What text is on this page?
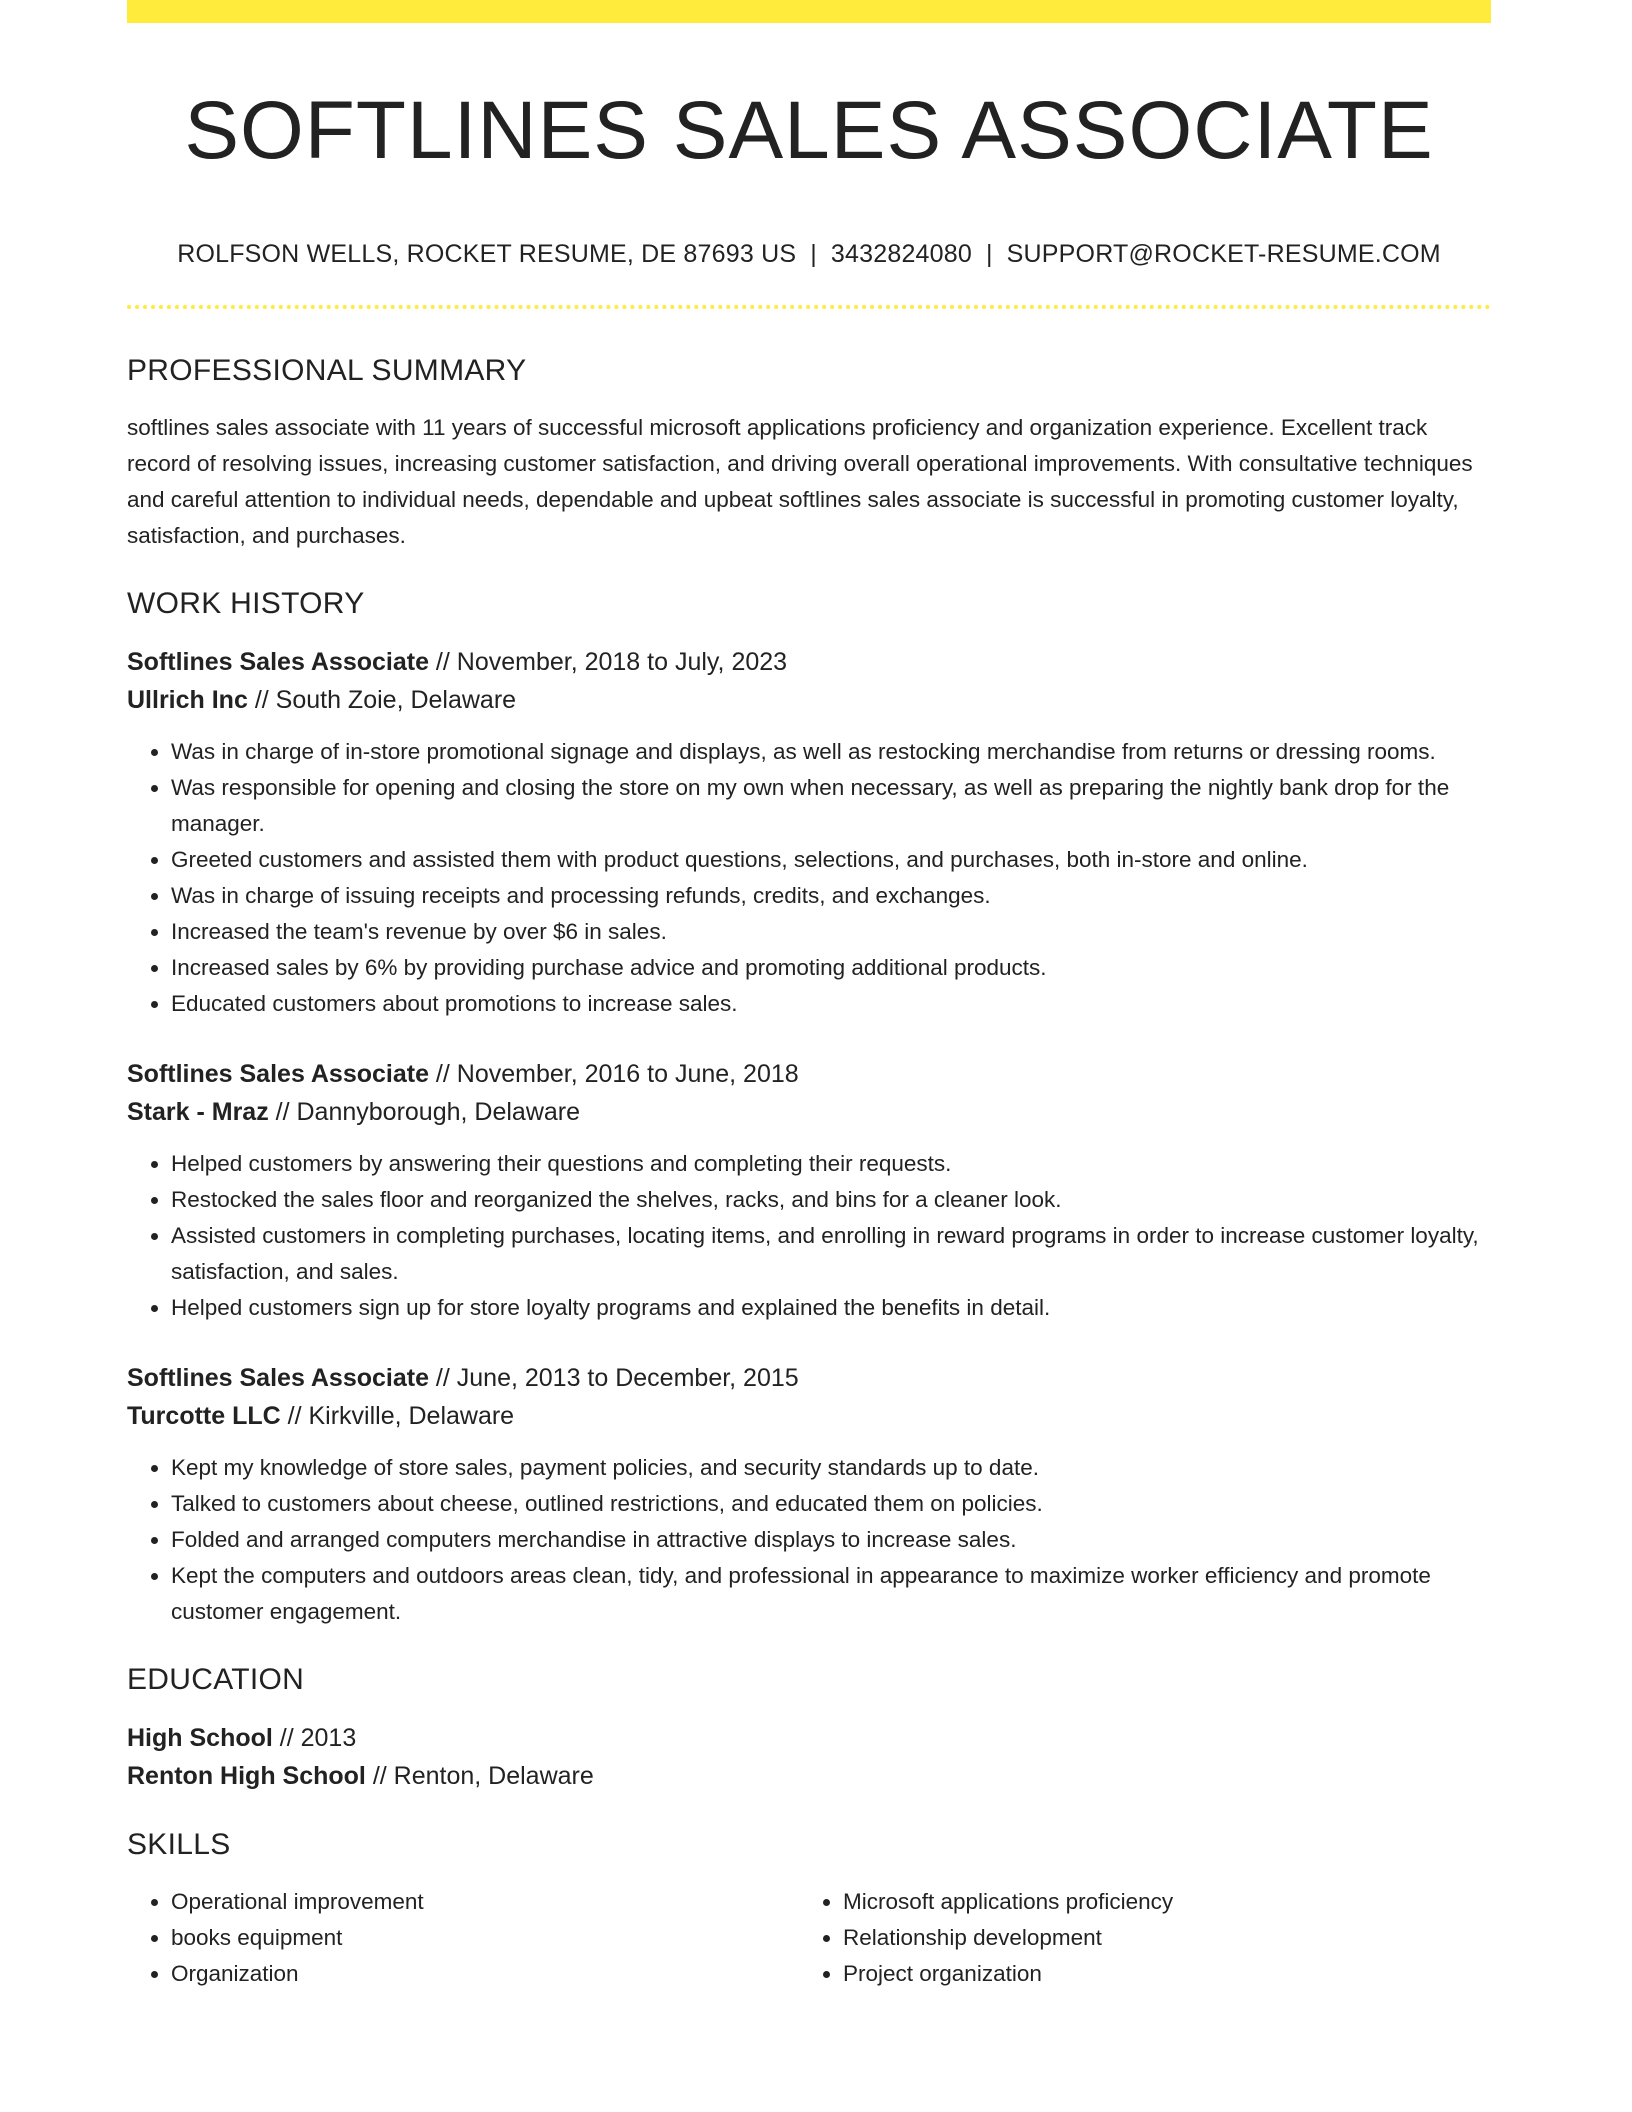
SOFTLINES SALES ASSOCIATE
ROLFSON WELLS, ROCKET RESUME, DE 87693 US | 3432824080 | SUPPORT@ROCKET-RESUME.COM
PROFESSIONAL SUMMARY
softlines sales associate with 11 years of successful microsoft applications proficiency and organization experience. Excellent track record of resolving issues, increasing customer satisfaction, and driving overall operational improvements. With consultative techniques and careful attention to individual needs, dependable and upbeat softlines sales associate is successful in promoting customer loyalty, satisfaction, and purchases.
WORK HISTORY
Softlines Sales Associate // November, 2018 to July, 2023
Ullrich Inc // South Zoie, Delaware
• Was in charge of in-store promotional signage and displays, as well as restocking merchandise from returns or dressing rooms.
• Was responsible for opening and closing the store on my own when necessary, as well as preparing the nightly bank drop for the manager.
• Greeted customers and assisted them with product questions, selections, and purchases, both in-store and online.
• Was in charge of issuing receipts and processing refunds, credits, and exchanges.
• Increased the team's revenue by over $6 in sales.
• Increased sales by 6% by providing purchase advice and promoting additional products.
• Educated customers about promotions to increase sales.
Softlines Sales Associate // November, 2016 to June, 2018
Stark - Mraz // Dannyborough, Delaware
• Helped customers by answering their questions and completing their requests.
• Restocked the sales floor and reorganized the shelves, racks, and bins for a cleaner look.
• Assisted customers in completing purchases, locating items, and enrolling in reward programs in order to increase customer loyalty, satisfaction, and sales.
• Helped customers sign up for store loyalty programs and explained the benefits in detail.
Softlines Sales Associate // June, 2013 to December, 2015
Turcotte LLC // Kirkville, Delaware
• Kept my knowledge of store sales, payment policies, and security standards up to date.
• Talked to customers about cheese, outlined restrictions, and educated them on policies.
• Folded and arranged computers merchandise in attractive displays to increase sales.
• Kept the computers and outdoors areas clean, tidy, and professional in appearance to maximize worker efficiency and promote customer engagement.
EDUCATION
High School // 2013
Renton High School // Renton, Delaware
SKILLS
• Operational improvement
• books equipment
• Organization
• Microsoft applications proficiency
• Relationship development
• Project organization
